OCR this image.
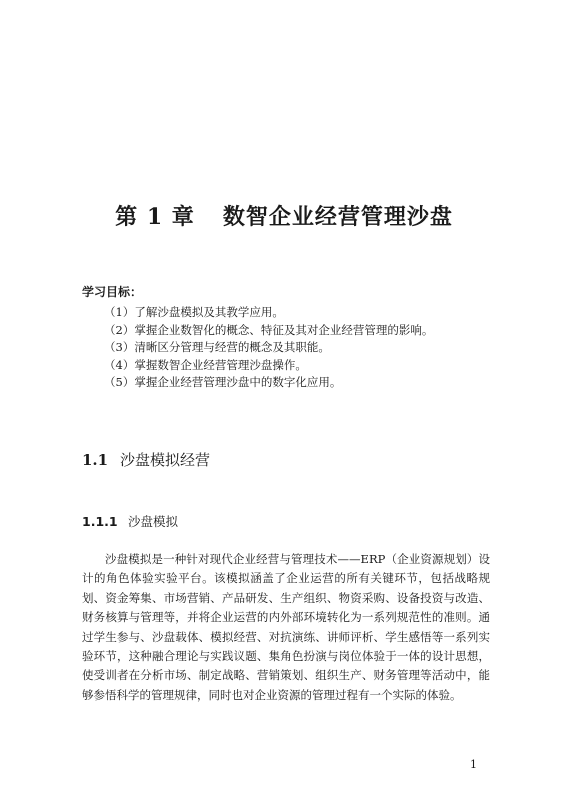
第 1 章 数智企业经营管理沙盘
学习目标：
（1）了解沙盘模拟及其教学应用。
（2）掌握企业数智化的概念、特征及其对企业经营管理的影响。
（3）清晰区分管理与经营的概念及其职能。
（4）掌握数智企业经营管理沙盘操作。
（5）掌握企业经营管理沙盘中的数字化应用。
1.1 沙盘模拟经营
1.1.1 沙盘模拟

沙盘模拟是一种针对现代企业经营与管理技术——ERP（企业资源规划）设计的角色体验实验平台。该模拟涵盖了企业运营的所有关键环节，包括战略规划、资金筹集、市场营销、产品研发、生产组织、物资采购、设备投资与改造、财务核算与管理等，并将企业运营的内外部环境转化为一系列规范性的准则。通过学生参与、沙盘载体、模拟经营、对抗演练、讲师评析、学生感悟等一系列实验环节，这种融合理论与实践议题、集角色扮演与岗位体验于一体的设计思想，使受训者在分析市场、制定战略、营销策划、组织生产、财务管理等活动中，能够参悟科学的管理规律，同时也对企业资源的管理过程有一个实际的体验。

1
